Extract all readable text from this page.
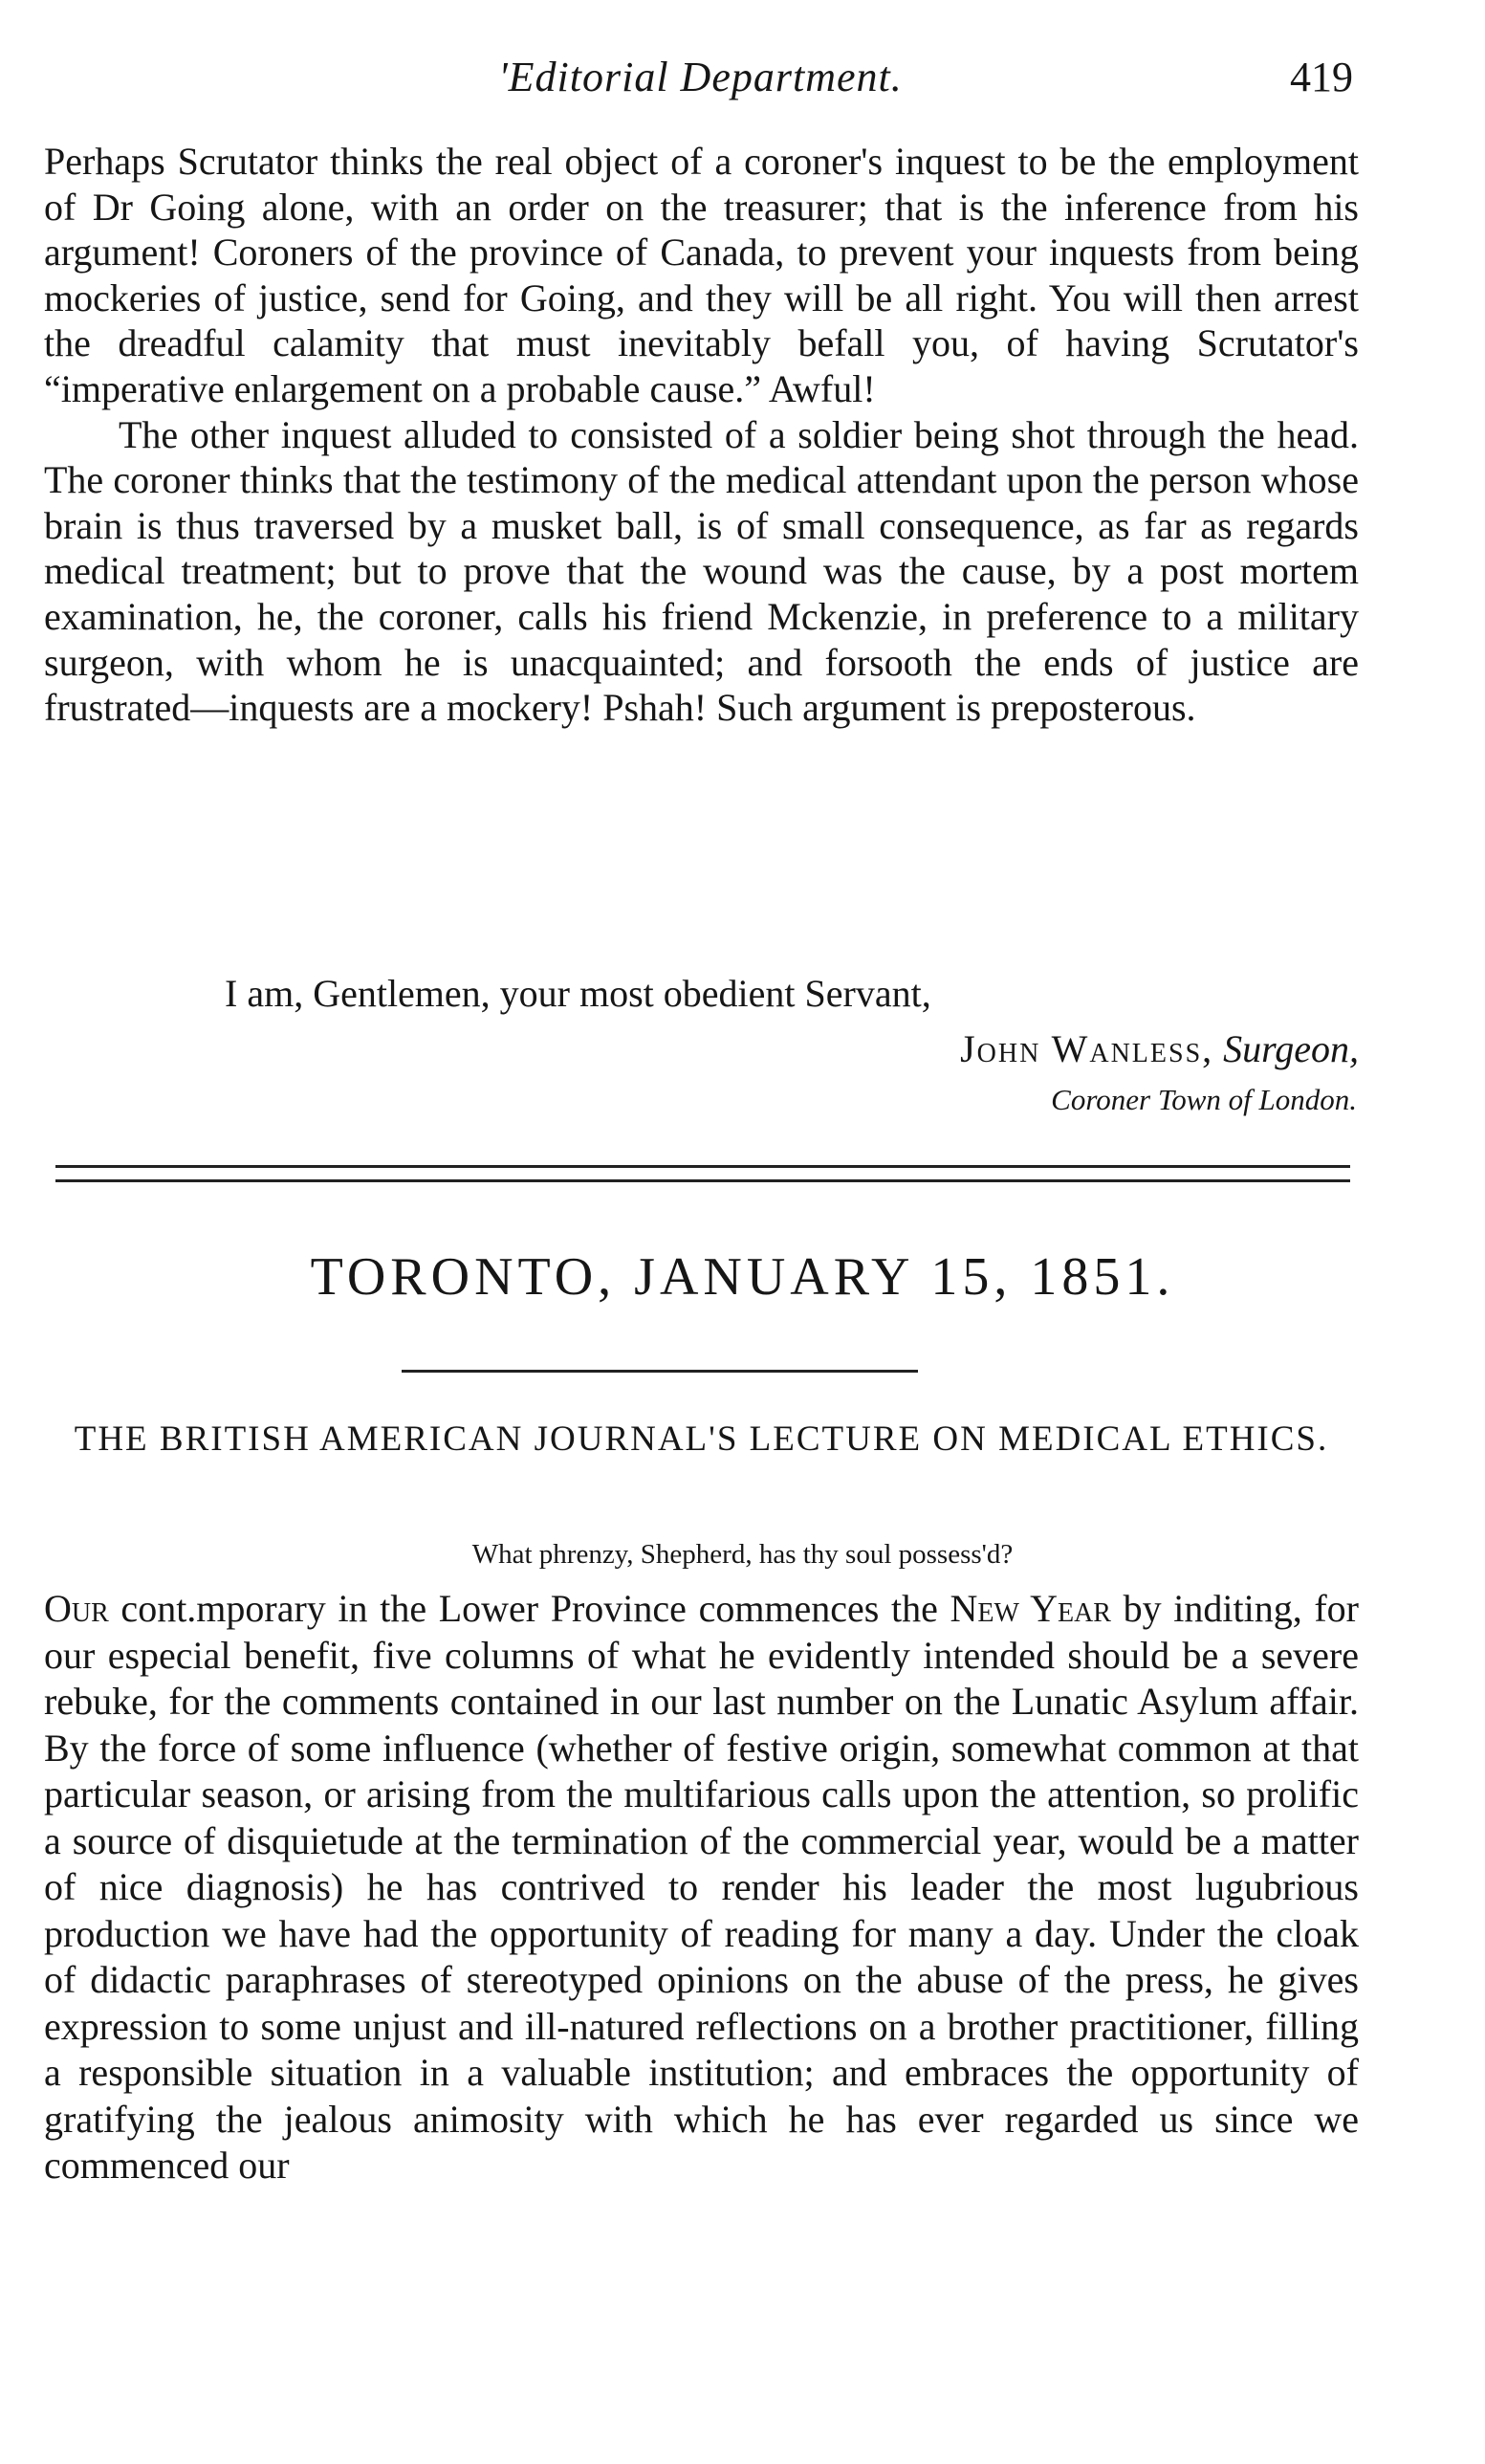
'Editorial Department.	419

Perhaps Scrutator thinks the real object of a coroner's inquest to be the employment of Dr Going alone, with an order on the treasurer; that is the inference from his argument! Coroners of the province of Canada, to prevent your inquests from being mockeries of justice, send for Going, and they will be all right. You will then arrest the dreadful calamity that must inevitably befall you, of having Scrutator's “imperative enlargement on a probable cause.” Awful!

The other inquest alluded to consisted of a soldier being shot through the head. The coroner thinks that the testimony of the medical attendant upon the person whose brain is thus traversed by a musket ball, is of small consequence, as far as regards medical treatment; but to prove that the wound was the cause, by a post mortem examination, he, the coroner, calls his friend Mckenzie, in preference to a military surgeon, with whom he is unacquainted; and forsooth the ends of justice are frustrated—inquests are a mockery! Pshah! Such argument is preposterous.

I am, Gentlemen, your most obedient Servant,
John Wanless, Surgeon,
Coroner Town of London.
TORONTO, JANUARY 15, 1851.
THE BRITISH AMERICAN JOURNAL'S LECTURE ON MEDICAL ETHICS.
What phrenzy, Shepherd, has thy soul possess'd?

Our cont.mporary in the Lower Province commences the New Year by inditing, for our especial benefit, five columns of what he evidently intended should be a severe rebuke, for the comments contained in our last number on the Lunatic Asylum affair. By the force of some influence (whether of festive origin, somewhat common at that particular season, or arising from the multifarious calls upon the attention, so prolific a source of disquietude at the termination of the commercial year, would be a matter of nice diagnosis) he has contrived to render his leader the most lugubrious production we have had the opportunity of reading for many a day. Under the cloak of didactic paraphrases of stereotyped opinions on the abuse of the press, he gives expression to some unjust and ill-natured reflections on a brother practitioner, filling a responsible situation in a valuable institution; and embraces the opportunity of gratifying the jealous animosity with which he has ever regarded us since we commenced our
